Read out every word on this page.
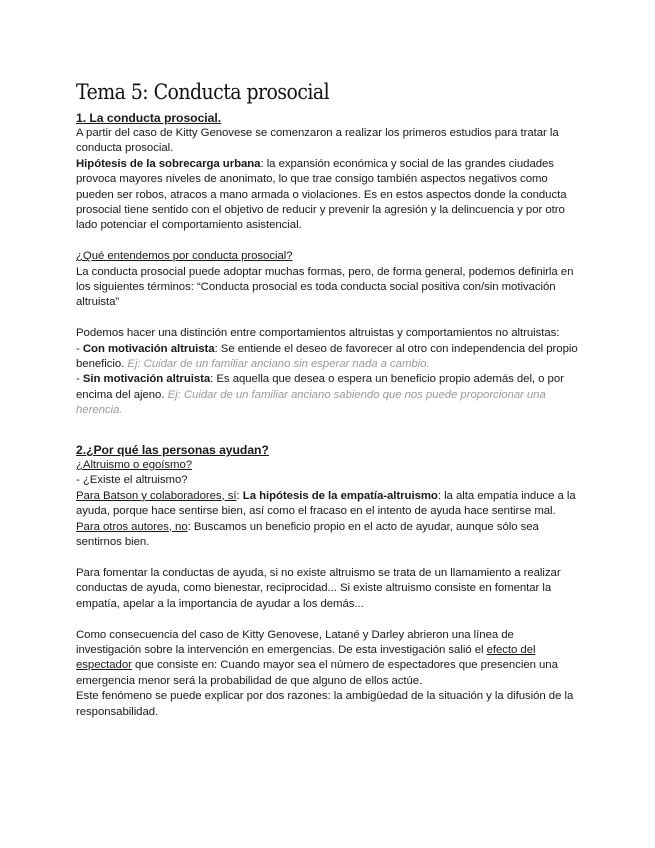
Tema 5: Conducta prosocial
1. La conducta prosocial.

A partir del caso de Kitty Genovese se comenzaron a realizar los primeros estudios para tratar la conducta prosocial.

Hipótesis de la sobrecarga urbana: la expansión económica y social de las grandes ciudades provoca mayores niveles de anonimato, lo que trae consigo también aspectos negativos como pueden ser robos, atracos a mano armada o violaciones. Es en estos aspectos donde la conducta prosocial tiene sentido con el objetivo de reducir y prevenir la agresión y la delincuencia y por otro lado potenciar el comportamiento asistencial.

¿Qué entendemos por conducta prosocial?

La conducta prosocial puede adoptar muchas formas, pero, de forma general, podemos definirla en los siguientes términos: “Conducta prosocial es toda conducta social positiva con/sin motivación altruista”

Podemos hacer una distinción entre comportamientos altruistas y comportamientos no altruistas:

- Con motivación altruista: Se entiende el deseo de favorecer al otro con independencia del propio beneficio. Ej: Cuidar de un familiar anciano sin esperar nada a cambio.

- Sin motivación altruista: Es aquella que desea o espera un beneficio propio además del, o por encima del ajeno. Ej: Cuidar de un familiar anciano sabiendo que nos puede proporcionar una herencia.

2.¿Por qué las personas ayudan?

¿Altruismo o egoísmo?

- ¿Existe el altruismo?

Para Batson y colaboradores, sí: La hipótesis de la empatía-altruismo: la alta empatía induce a la ayuda, porque hace sentirse bien, así como el fracaso en el intento de ayuda hace sentirse mal.

Para otros autores, no: Buscamos un beneficio propio en el acto de ayudar, aunque sólo sea sentirnos bien.

Para fomentar la conductas de ayuda, si no existe altruismo se trata de un llamamiento a realizar conductas de ayuda, como bienestar, reciprocidad... Si existe altruismo consiste en fomentar la empatía, apelar a la importancia de ayudar a los demás...

Como consecuencia del caso de Kitty Genovese, Latané y Darley abrieron una línea de investigación sobre la intervención en emergencias. De esta investigación salió el efecto del espectador que consiste en: Cuando mayor sea el número de espectadores que presencien una emergencia menor será la probabilidad de que alguno de ellos actúe.

Este fenómeno se puede explicar por dos razones: la ambigüedad de la situación y la difusión de la responsabilidad.
